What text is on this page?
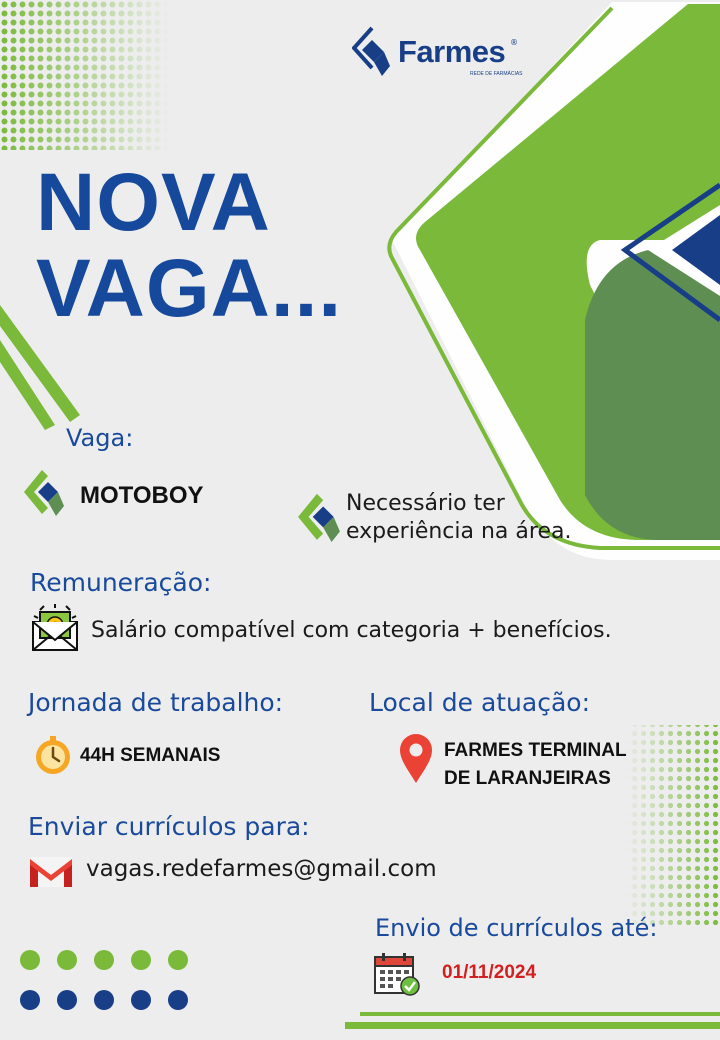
Farmes ®
REDE DE FARMÁCIAS
NOVA
VAGA...
Vaga:
MOTOBOY	Necessário ter
experiência na área.
Remuneração:
Salário compatível com categoria + benefícios.
Jornada de trabalho:
44H SEMANAIS
Local de atuação:
FARMES TERMINAL
DE LARANJEIRAS
Enviar currículos para:
vagas.redefarmes@gmail.com
Envio de currículos até:
01/11/2024
